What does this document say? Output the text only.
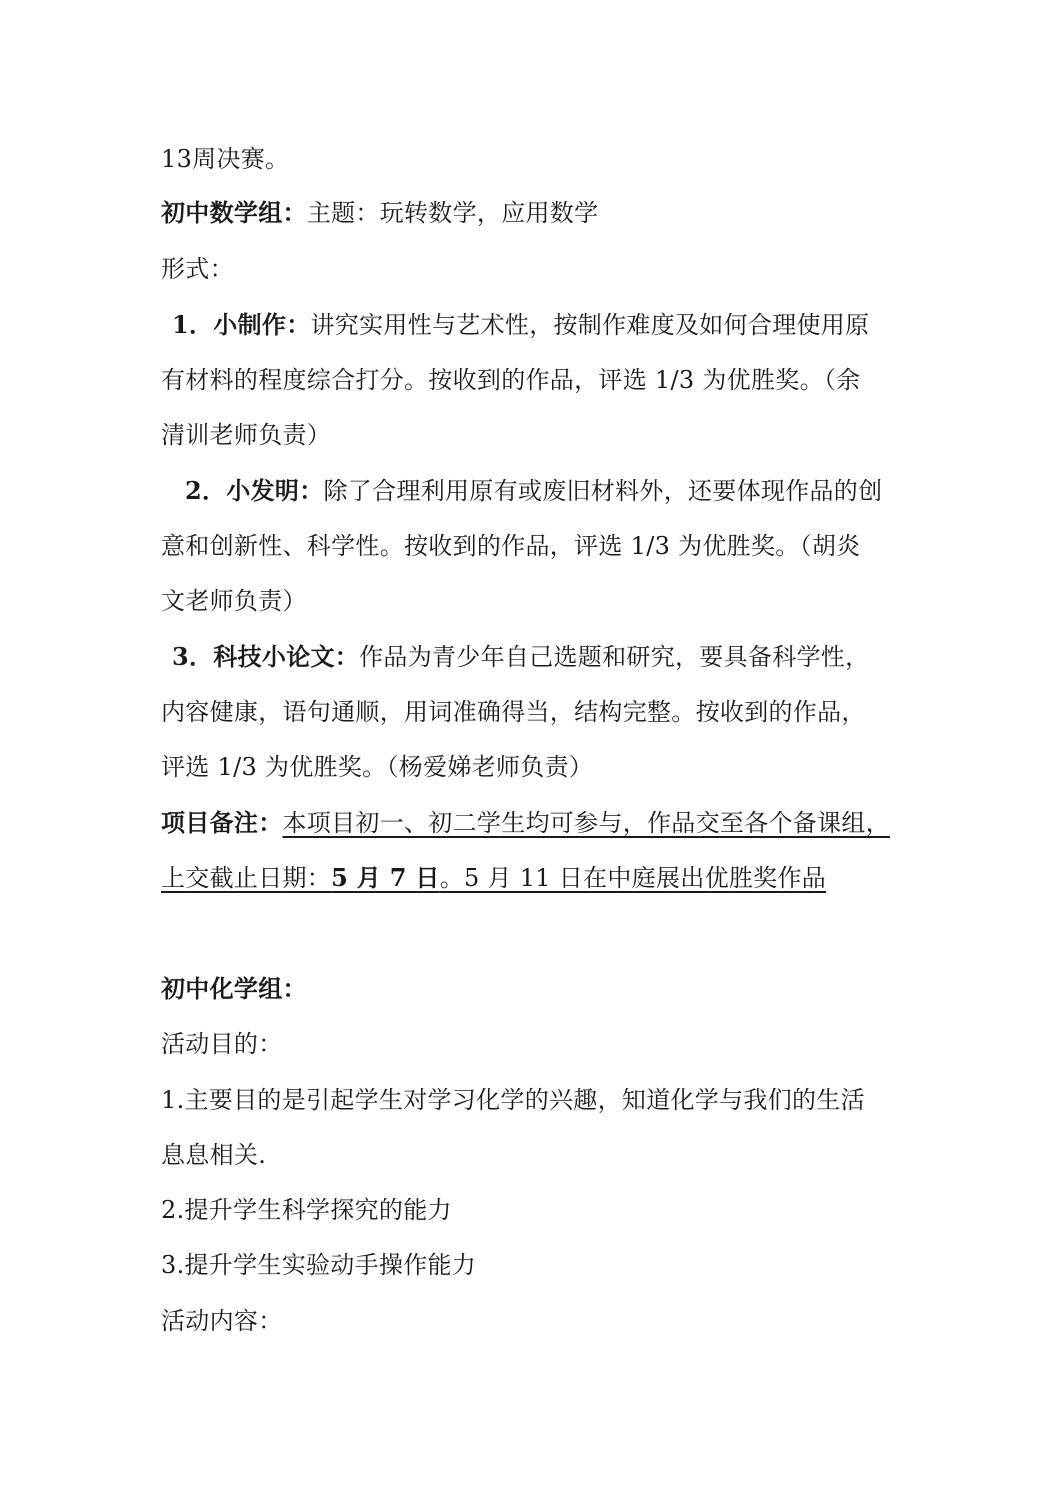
13周决赛。
初中数学组：主题：玩转数学，应用数学
形式：
1．小制作：讲究实用性与艺术性，按制作难度及如何合理使用原
有材料的程度综合打分。按收到的作品，评选 1/3 为优胜奖。（余
清训老师负责）
2．小发明：除了合理利用原有或废旧材料外，还要体现作品的创
意和创新性、科学性。按收到的作品，评选 1/3 为优胜奖。（胡炎
文老师负责）
3．科技小论文：作品为青少年自己选题和研究，要具备科学性，
内容健康，语句通顺，用词准确得当，结构完整。按收到的作品，
评选 1/3 为优胜奖。（杨爱娣老师负责）
项目备注：本项目初一、初二学生均可参与，作品交至各个备课组，
上交截止日期：5 月 7 日。5 月 11 日在中庭展出优胜奖作品
初中化学组：
活动目的：
1.主要目的是引起学生对学习化学的兴趣，知道化学与我们的生活
息息相关.
2.提升学生科学探究的能力
3.提升学生实验动手操作能力
活动内容：
